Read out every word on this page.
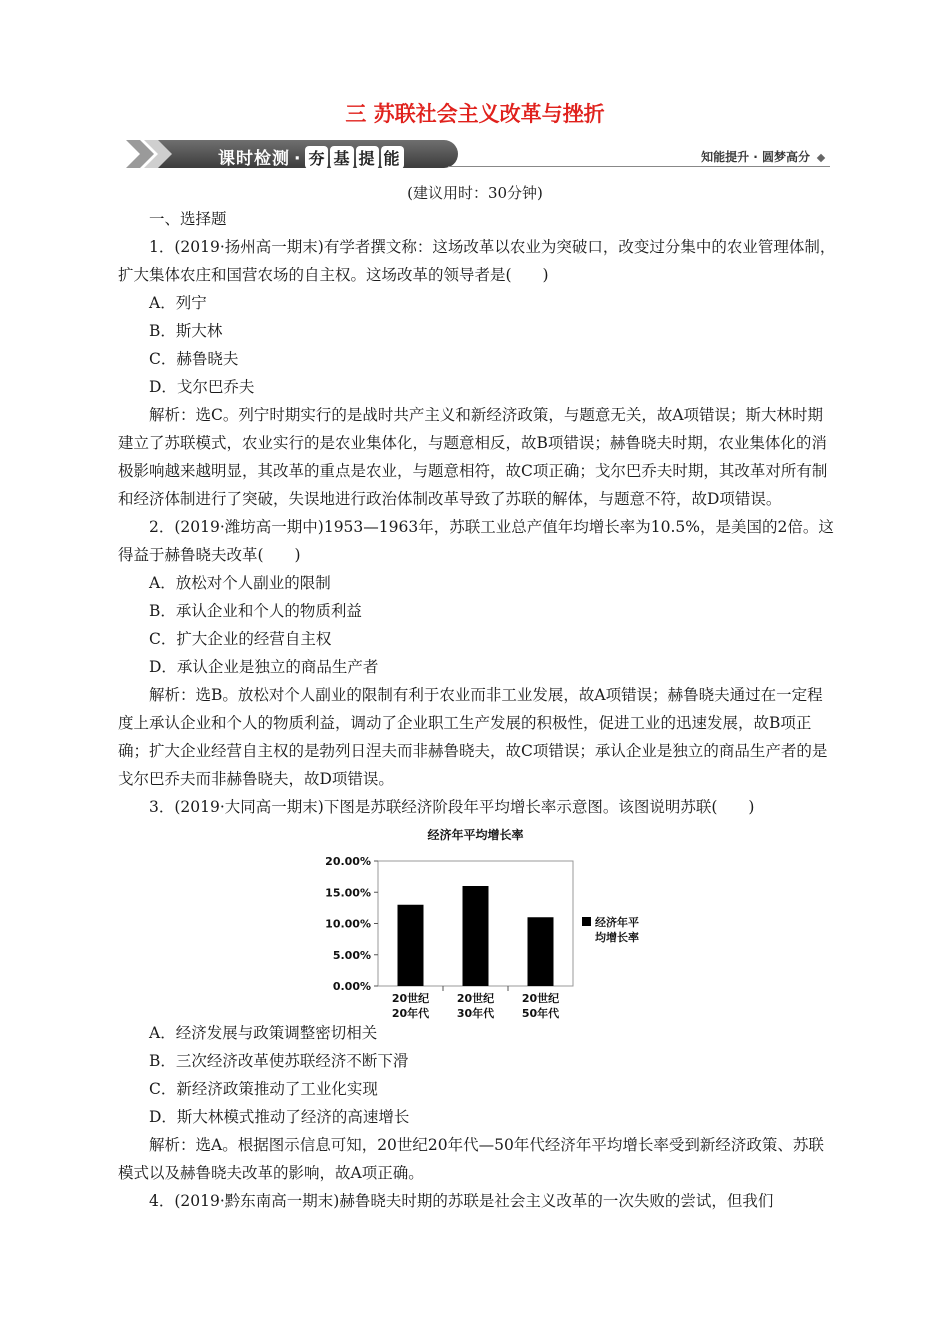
三 苏联社会主义改革与挫折
课时检测 · 夯 基 提 能	知能提升 · 圆梦高分
(建议用时：30分钟)

一、选择题

1．(2019·扬州高一期末)有学者撰文称：这场改革以农业为突破口，改变过分集中的农业管理体制，扩大集体农庄和国营农场的自主权。这场改革的领导者是(　　)

A．列宁

B．斯大林

C．赫鲁晓夫

D．戈尔巴乔夫

解析：选C。列宁时期实行的是战时共产主义和新经济政策，与题意无关，故A项错误；斯大林时期建立了苏联模式，农业实行的是农业集体化，与题意相反，故B项错误；赫鲁晓夫时期，农业集体化的消极影响越来越明显，其改革的重点是农业，与题意相符，故C项正确；戈尔巴乔夫时期，其改革对所有制和经济体制进行了突破，失误地进行政治体制改革导致了苏联的解体，与题意不符，故D项错误。

2．(2019·潍坊高一期中)1953—1963年，苏联工业总产值年均增长率为10.5%，是美国的2倍。这得益于赫鲁晓夫改革(　　)

A．放松对个人副业的限制

B．承认企业和个人的物质利益

C．扩大企业的经营自主权

D．承认企业是独立的商品生产者

解析：选B。放松对个人副业的限制有利于农业而非工业发展，故A项错误；赫鲁晓夫通过在一定程度上承认企业和个人的物质利益，调动了企业职工生产发展的积极性，促进工业的迅速发展，故B项正确；扩大企业经营自主权的是勃列日涅夫而非赫鲁晓夫，故C项错误；承认企业是独立的商品生产者的是戈尔巴乔夫而非赫鲁晓夫，故D项错误。

3．(2019·大同高一期末)下图是苏联经济阶段年平均增长率示意图。该图说明苏联(　　)

经济年平均增长率
0.00%
5.00%
10.00%
15.00%
20.00%
20世纪
20年代
20世纪
30年代
20世纪
50年代
经济年平
均增长率

A．经济发展与政策调整密切相关

B．三次经济改革使苏联经济不断下滑

C．新经济政策推动了工业化实现

D．斯大林模式推动了经济的高速增长

解析：选A。根据图示信息可知，20世纪20年代—50年代经济年平均增长率受到新经济政策、苏联模式以及赫鲁晓夫改革的影响，故A项正确。

4．(2019·黔东南高一期末)赫鲁晓夫时期的苏联是社会主义改革的一次失败的尝试，但我们
